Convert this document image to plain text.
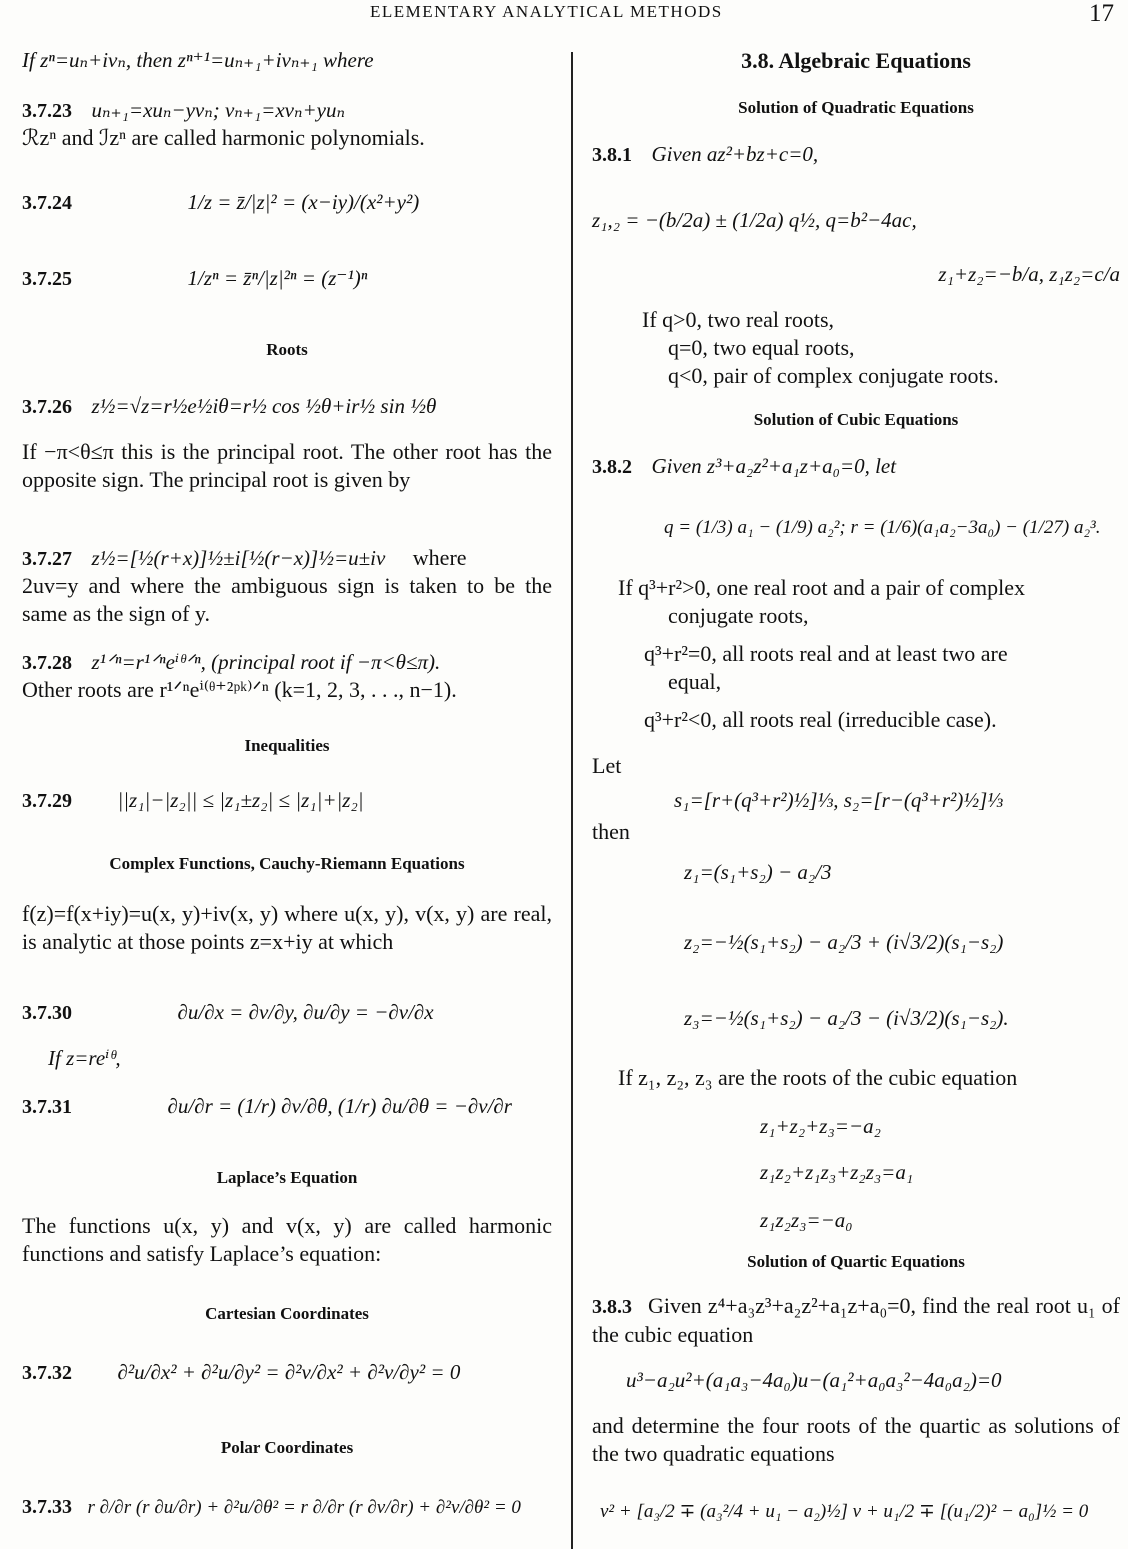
ELEMENTARY ANALYTICAL METHODS	17
If zⁿ=uₙ+ivₙ, then zⁿ⁺¹=uₙ₊₁+ivₙ₊₁ where
3.7.23 uₙ₊₁=xuₙ−yvₙ; vₙ₊₁=xvₙ+yuₙ
ℛzⁿ and ℐzⁿ are called harmonic polynomials.
3.7.24	1/z = z̄/|z|² = (x−iy)/(x²+y²)
3.7.25	1/zⁿ = z̄ⁿ/|z|²ⁿ = (z⁻¹)ⁿ
Roots
3.7.26 z½=√z=r½e½iθ=r½ cos ½θ+ir½ sin ½θ
If −π<θ≤π this is the principal root. The other root has the opposite sign. The principal root is given by
3.7.27 z½=[½(r+x)]½±i[½(r−x)]½=u±iv where
2uv=y and where the ambiguous sign is taken to be the same as the sign of y.
3.7.28 z¹ᐟⁿ=r¹ᐟⁿeⁱᶿᐟⁿ, (principal root if −π<θ≤π).
Other roots are r¹ᐟⁿeⁱ⁽ᶿ⁺²ᵖᵏ⁾ᐟⁿ (k=1, 2, 3, . . ., n−1).
Inequalities
3.7.29 ||z₁|−|z₂|| ≤ |z₁±z₂| ≤ |z₁|+|z₂|
Complex Functions, Cauchy-Riemann Equations
f(z)=f(x+iy)=u(x, y)+iv(x, y) where u(x, y), v(x, y) are real, is analytic at those points z=x+iy at which
3.7.30	∂u/∂x = ∂v/∂y, ∂u/∂y = −∂v/∂x
If z=reⁱᶿ,
3.7.31	∂u/∂r = (1/r) ∂v/∂θ, (1/r) ∂u/∂θ = −∂v/∂r
Laplace’s Equation
The functions u(x, y) and v(x, y) are called harmonic functions and satisfy Laplace’s equation:
Cartesian Coordinates
3.7.32 ∂²u/∂x² + ∂²u/∂y² = ∂²v/∂x² + ∂²v/∂y² = 0
Polar Coordinates
3.7.33 r ∂/∂r (r ∂u/∂r) + ∂²u/∂θ² = r ∂/∂r (r ∂v/∂r) + ∂²v/∂θ² = 0
3.8. Algebraic Equations
Solution of Quadratic Equations
3.8.1 Given az²+bz+c=0,
z₁,₂ = −(b/2a) ± (1/2a) q½, q=b²−4ac,
z₁+z₂=−b/a, z₁z₂=c/a
If q>0, two real roots,
q=0, two equal roots,
q<0, pair of complex conjugate roots.
Solution of Cubic Equations
3.8.2 Given z³+a₂z²+a₁z+a₀=0, let
q = (1/3) a₁ − (1/9) a₂²; r = (1/6)(a₁a₂−3a₀) − (1/27) a₂³.
If q³+r²>0, one real root and a pair of complex
conjugate roots,
q³+r²=0, all roots real and at least two are
equal,
q³+r²<0, all roots real (irreducible case).
Let
s₁=[r+(q³+r²)½]⅓, s₂=[r−(q³+r²)½]⅓
then
z₁=(s₁+s₂) − a₂/3
z₂=−½(s₁+s₂) − a₂/3 + (i√3/2)(s₁−s₂)
z₃=−½(s₁+s₂) − a₂/3 − (i√3/2)(s₁−s₂).
If z₁, z₂, z₃ are the roots of the cubic equation
z₁+z₂+z₃=−a₂
z₁z₂+z₁z₃+z₂z₃=a₁
z₁z₂z₃=−a₀
Solution of Quartic Equations
3.8.3 Given z⁴+a₃z³+a₂z²+a₁z+a₀=0, find the real root u₁ of the cubic equation
u³−a₂u²+(a₁a₃−4a₀)u−(a₁²+a₀a₃²−4a₀a₂)=0
and determine the four roots of the quartic as solutions of the two quadratic equations
v² + [a₃/2 ∓ (a₃²/4 + u₁ − a₂)½] v + u₁/2 ∓ [(u₁/2)² − a₀]½ = 0
